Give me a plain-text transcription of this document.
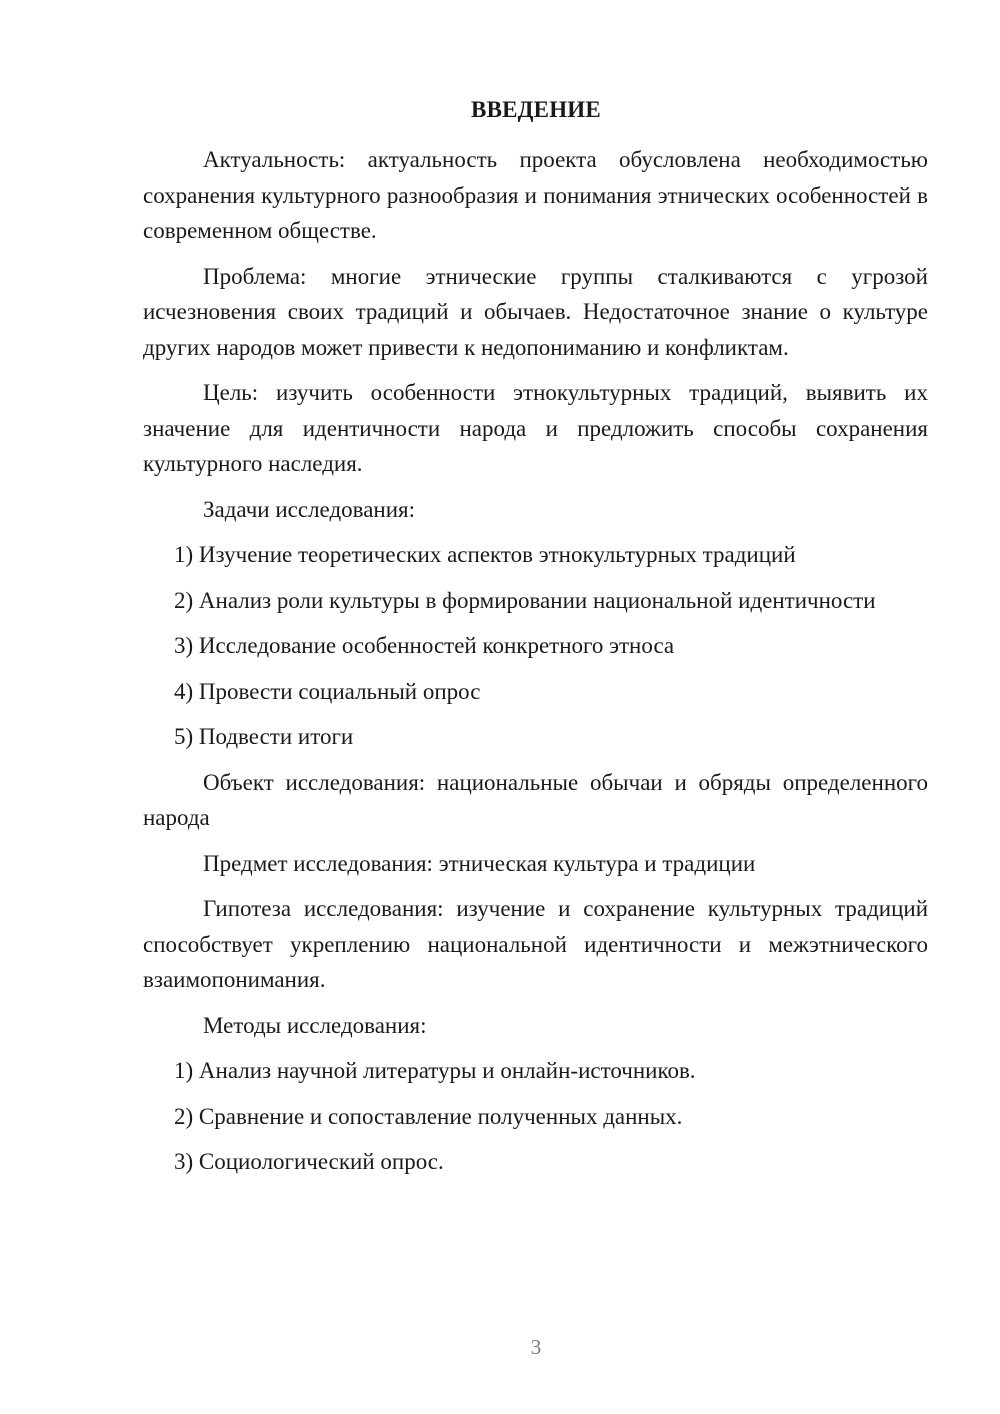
ВВЕДЕНИЕ

Актуальность: актуальность проекта обусловлена необходимостью сохранения культурного разнообразия и понимания этнических особенностей в современном обществе.

Проблема: многие этнические группы сталкиваются с угрозой исчезновения своих традиций и обычаев. Недостаточное знание о культуре других народов может привести к недопониманию и конфликтам.

Цель: изучить особенности этнокультурных традиций, выявить их значение для идентичности народа и предложить способы сохранения культурного наследия.

Задачи исследования:

1) Изучение теоретических аспектов этнокультурных традиций

2) Анализ роли культуры в формировании национальной идентичности

3) Исследование особенностей конкретного этноса

4) Провести социальный опрос

5) Подвести итоги

Объект исследования: национальные обычаи и обряды определенного народа

Предмет исследования: этническая культура и традиции

Гипотеза исследования: изучение и сохранение культурных традиций способствует укреплению национальной идентичности и межэтнического взаимопонимания.

Методы исследования:

1) Анализ научной литературы и онлайн-источников.

2) Сравнение и сопоставление полученных данных.

3) Социологический опрос.

3
